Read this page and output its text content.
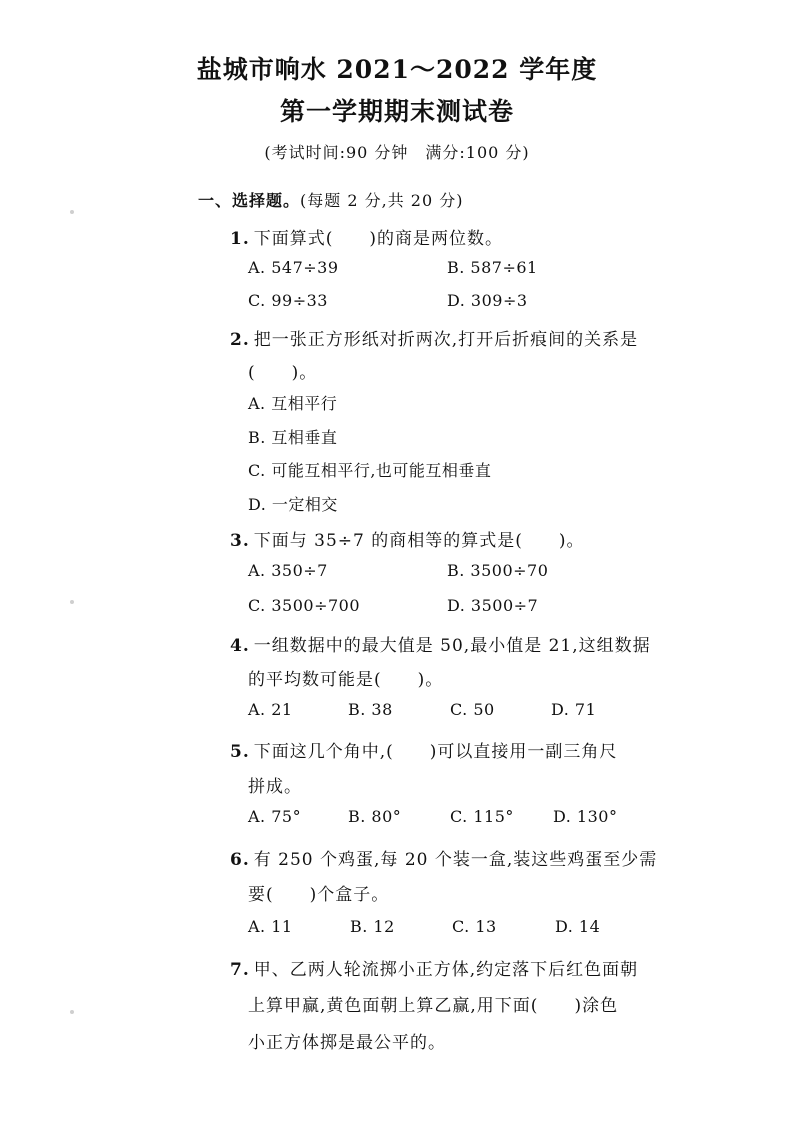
盐城市响水 2021～2022 学年度
第一学期期末测试卷
(考试时间:90 分钟　满分:100 分)
一、选择题。(每题 2 分,共 20 分)
1. 下面算式(　　)的商是两位数。
A. 547÷39	B. 587÷61
C. 99÷33	D. 309÷3
2. 把一张正方形纸对折两次,打开后折痕间的关系是
(　　)。
A. 互相平行
B. 互相垂直
C. 可能互相平行,也可能互相垂直
D. 一定相交
3. 下面与 35÷7 的商相等的算式是(　　)。
A. 350÷7	B. 3500÷70
C. 3500÷700	D. 3500÷7
4. 一组数据中的最大值是 50,最小值是 21,这组数据
的平均数可能是(　　)。
A. 21	B. 38	C. 50	D. 71
5. 下面这几个角中,(　　)可以直接用一副三角尺
拼成。
A. 75°	B. 80°	C. 115° D. 130°
6. 有 250 个鸡蛋,每 20 个装一盒,装这些鸡蛋至少需
要(　　)个盒子。
A. 11	B. 12	C. 13	D. 14
7. 甲、乙两人轮流掷小正方体,约定落下后红色面朝
上算甲赢,黄色面朝上算乙赢,用下面(　　)涂色
小正方体掷是最公平的。
